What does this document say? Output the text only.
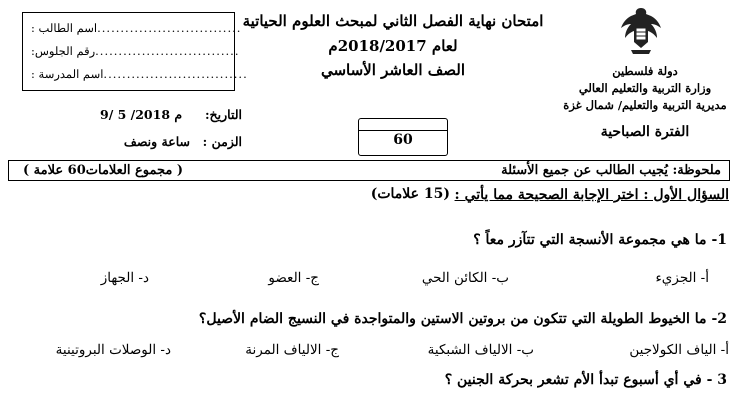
اسم الطالب : ...............................
رقم الجلوس: ...............................
اسم المدرسة : ...............................
امتحان نهاية الفصل الثاني لمبحث العلوم الحياتية
لعام 2018/2017م
الصف العاشر الأساسي	دولة فلسطين
وزارة التربية والتعليم العالي
مديرية التربية والتعليم/ شمال غزة
الفترة الصباحية
التاريخ:
9/ 5 /2018 م
الزمن :
ساعة ونصف	60
ملحوظة: يُجيب الطالب عن جميع الأسئلة
( مجموع العلامات60 علامة )
السؤال الأول : اختر الإجابة الصحيحة مما يأتي :
(15 علامات)
1- ما هي مجموعة الأنسجة التي تتآزر معاً ؟
أ- الجزيء
ب- الكائن الحي
ج- العضو
د- الجهاز
2- ما الخيوط الطويلة التي تتكون من بروتين الاستين والمتواجدة في النسيج الضام الأصيل؟
أ- الياف الكولاجين
ب- الالياف الشبكية
ج- الالياف المرنة
د- الوصلات البروتينية
3 - في أي أسبوع تبدأ الأم تشعر بحركة الجنين ؟
